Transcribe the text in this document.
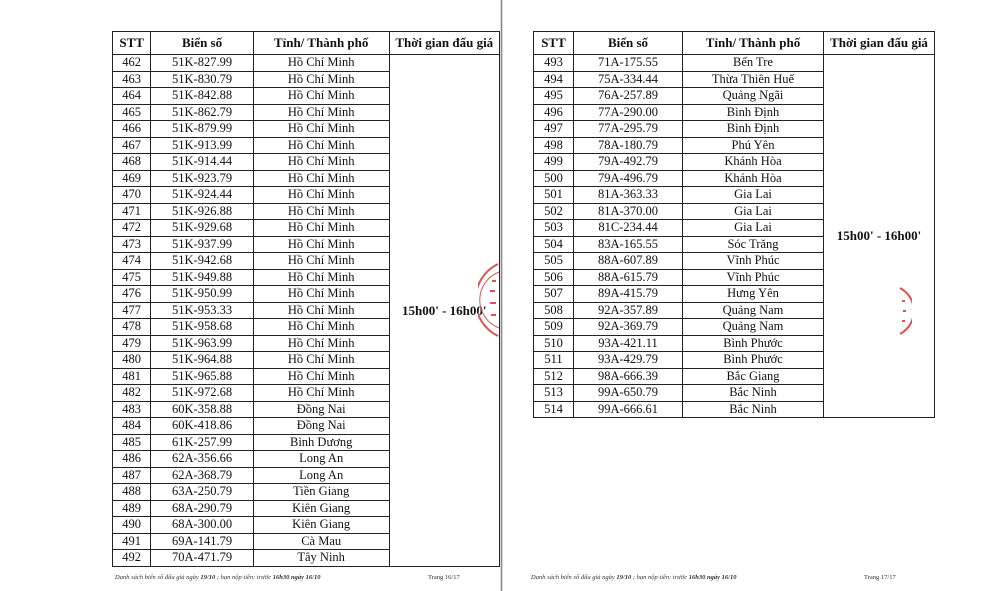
STT	Biển số	Tỉnh/ Thành phố	Thời gian đấu giá
462	51K-827.99	Hồ Chí Minh	15h00' - 16h00'
463	51K-830.79	Hồ Chí Minh	
464	51K-842.88	Hồ Chí Minh	
465	51K-862.79	Hồ Chí Minh	
466	51K-879.99	Hồ Chí Minh	
467	51K-913.99	Hồ Chí Minh	
468	51K-914.44	Hồ Chí Minh	
469	51K-923.79	Hồ Chí Minh	
470	51K-924.44	Hồ Chí Minh	
471	51K-926.88	Hồ Chí Minh	
472	51K-929.68	Hồ Chí Minh	
473	51K-937.99	Hồ Chí Minh	
474	51K-942.68	Hồ Chí Minh	
475	51K-949.88	Hồ Chí Minh	
476	51K-950.99	Hồ Chí Minh	
477	51K-953.33	Hồ Chí Minh	
478	51K-958.68	Hồ Chí Minh	
479	51K-963.99	Hồ Chí Minh	
480	51K-964.88	Hồ Chí Minh	
481	51K-965.88	Hồ Chí Minh	
482	51K-972.68	Hồ Chí Minh	
483	60K-358.88	Đồng Nai	
484	60K-418.86	Đồng Nai	
485	61K-257.99	Bình Dương	
486	62A-356.66	Long An	
487	62A-368.79	Long An	
488	63A-250.79	Tiền Giang	
489	68A-290.79	Kiên Giang	
490	68A-300.00	Kiên Giang	
491	69A-141.79	Cà Mau	
492	70A-471.79	Tây Ninh	
Danh sách biển số đấu giá ngày 19/10 ; hạn nộp tiền: trước 16h30 ngày 16/10	Trang 16/17
STT	Biển số	Tỉnh/ Thành phố	Thời gian đấu giá
493	71A-175.55	Bến Tre	15h00' - 16h00'
494	75A-334.44	Thừa Thiên Huế	
495	76A-257.89	Quảng Ngãi	
496	77A-290.00	Bình Định	
497	77A-295.79	Bình Định	
498	78A-180.79	Phú Yên	
499	79A-492.79	Khánh Hòa	
500	79A-496.79	Khánh Hòa	
501	81A-363.33	Gia Lai	
502	81A-370.00	Gia Lai	
503	81C-234.44	Gia Lai	
504	83A-165.55	Sóc Trăng	
505	88A-607.89	Vĩnh Phúc	
506	88A-615.79	Vĩnh Phúc	
507	89A-415.79	Hưng Yên	
508	92A-357.89	Quảng Nam	
509	92A-369.79	Quảng Nam	
510	93A-421.11	Bình Phước	
511	93A-429.79	Bình Phước	
512	98A-666.39	Bắc Giang	
513	99A-650.79	Bắc Ninh	
514	99A-666.61	Bắc Ninh	
Danh sách biển số đấu giá ngày 19/10 ; hạn nộp tiền: trước 16h30 ngày 16/10	Trang 17/17
